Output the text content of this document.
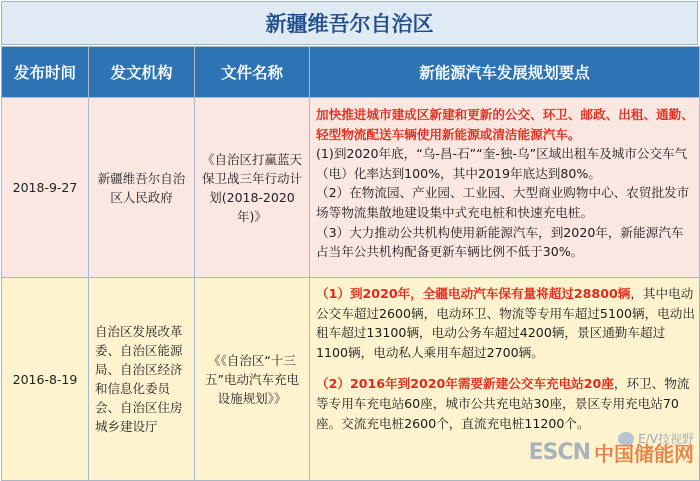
新疆维吾尔自治区
发布时间	发文机构	文件名称	新能源汽车发展规划要点
2018-9-27	新疆维吾尔自治区人民政府	《自治区打赢蓝天保卫战三年行动计划(2018-2020年)》	加快推进城市建成区新建和更新的公交、环卫、邮政、出租、通勤、轻型物流配送车辆使用新能源或清洁能源汽车。

(1)到2020年底，“乌-昌-石”“奎-独-乌”区域出租车及城市公交车气（电）化率达到100%，其中2019年底达到80%。

（2）在物流园、产业园、工业园、大型商业购物中心、农贸批发市场等物流集散地建设集中式充电桩和快速充电桩。

（3）大力推动公共机构使用新能源汽车，到2020年，新能源汽车占当年公共机构配备更新车辆比例不低于30%。

2016-8-19	自治区发展改革委、自治区能源局、自治区经济和信息化委员会、自治区住房城乡建设厅	《《自治区“十三五”电动汽车充电设施规划》》	（1）到2020年，全疆电动汽车保有量将超过28800辆，其中电动公交车超过2600辆，电动环卫、物流等专用车超过5100辆，电动出租车超过13100辆，电动公务车超过4200辆，景区通勤车超过1100辆，电动私人乘用车超过2700辆。

（2）2016年到2020年需要新建公交车充电站20座，环卫、物流等专用车充电站60座，城市公共充电站30座，景区专用充电站70座。交流充电桩2600个，直流充电桩11200个。

E/V技视野
ESCN 中国储能网
